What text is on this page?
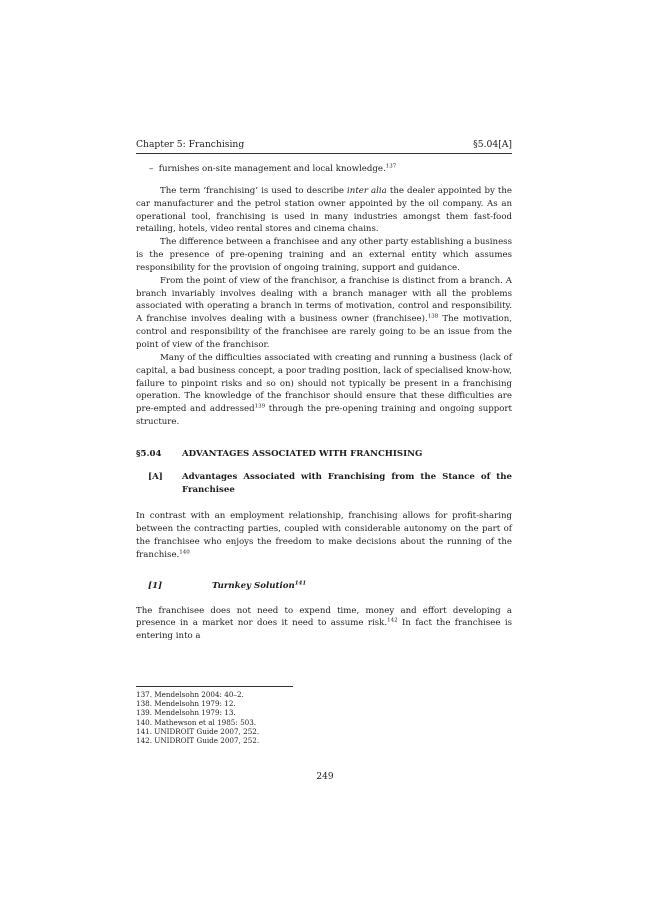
Chapter 5: Franchising	§5.04[A]

– furnishes on-site management and local knowledge.$^{137}$

The term ‘franchising’ is used to describe inter alia the dealer appointed by the car manufacturer and the petrol station owner appointed by the oil company. As an operational tool, franchising is used in many industries amongst them fast-food retailing, hotels, video rental stores and cinema chains.

The difference between a franchisee and any other party establishing a business is the presence of pre-opening training and an external entity which assumes responsibility for the provision of ongoing training, support and guidance.

From the point of view of the franchisor, a franchise is distinct from a branch. A branch invariably involves dealing with a branch manager with all the problems associated with operating a branch in terms of motivation, control and responsibility. A franchise involves dealing with a business owner (franchisee).$^{138}$ The motivation, control and responsibility of the franchisee are rarely going to be an issue from the point of view of the franchisor.

Many of the difficulties associated with creating and running a business (lack of capital, a bad business concept, a poor trading position, lack of specialised know-how, failure to pinpoint risks and so on) should not typically be present in a franchising operation. The knowledge of the franchisor should ensure that these difficulties are pre-empted and addressed$^{139}$ through the pre-opening training and ongoing support structure.

§5.04	ADVANTAGES ASSOCIATED WITH FRANCHISING
[A]	Advantages Associated with Franchising from the Stance of the Franchisee

In contrast with an employment relationship, franchising allows for profit-sharing between the contracting parties, coupled with considerable autonomy on the part of the franchisee who enjoys the freedom to make decisions about the running of the franchise.$^{140}$

[1]	Turnkey Solution$^{141}$

The franchisee does not need to expend time, money and effort developing a presence in a market nor does it need to assume risk.$^{142}$ In fact the franchisee is entering into a

137. Mendelsohn 2004: 40–2.
138. Mendelsohn 1979: 12.
139. Mendelsohn 1979: 13.
140. Mathewson et al 1985: 503.
141. UNIDROIT Guide 2007, 252.
142. UNIDROIT Guide 2007, 252.
249
